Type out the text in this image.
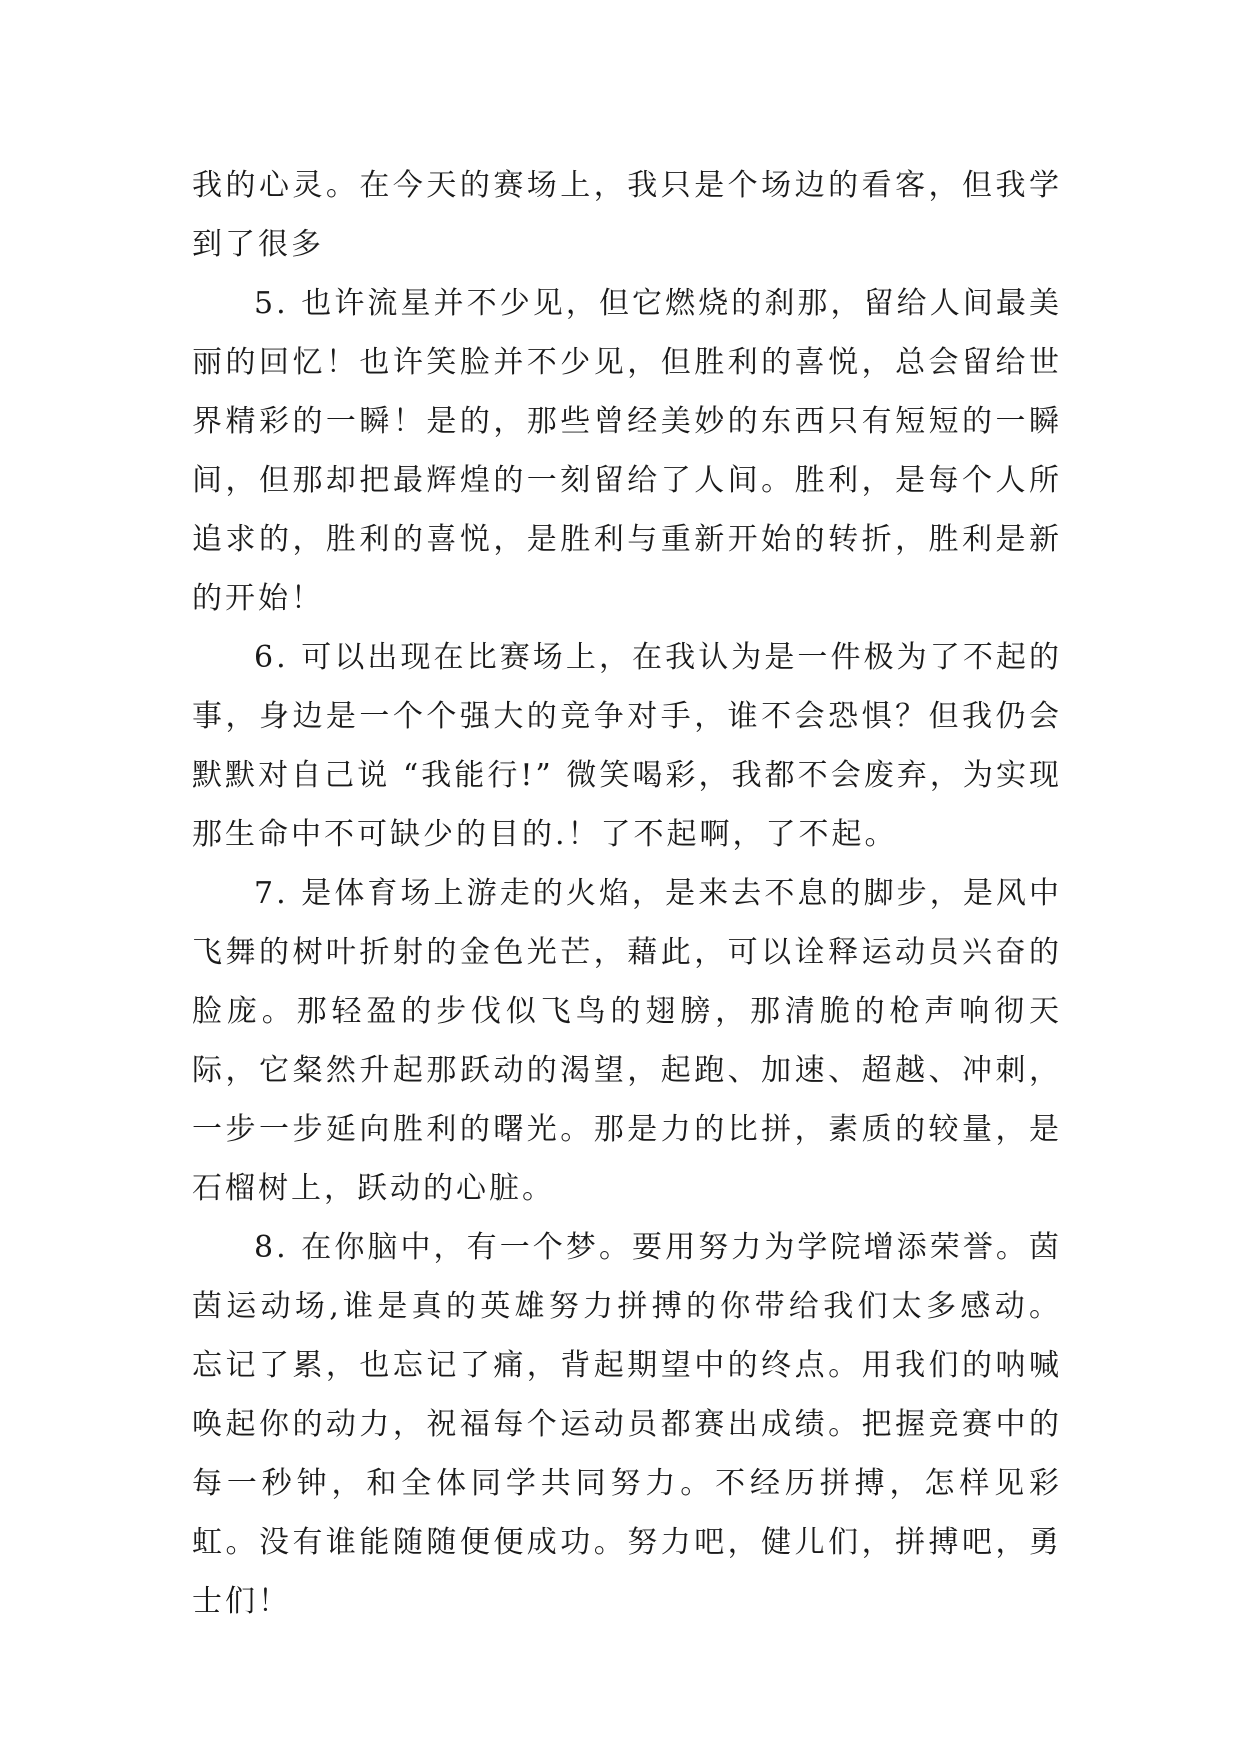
我的心灵。在今天的赛场上，我只是个场边的看客，但我学到了很多

5. 也许流星并不少见，但它燃烧的刹那，留给人间最美丽的回忆！也许笑脸并不少见，但胜利的喜悦，总会留给世界精彩的一瞬！是的，那些曾经美妙的东西只有短短的一瞬间，但那却把最辉煌的一刻留给了人间。胜利，是每个人所追求的，胜利的喜悦，是胜利与重新开始的转折，胜利是新的开始！

6. 可以出现在比赛场上，在我认为是一件极为了不起的事，身边是一个个强大的竞争对手，谁不会恐惧？但我仍会默默对自己说 “我能行!” 微笑喝彩，我都不会废弃，为实现那生命中不可缺少的目的.！了不起啊，了不起。

7. 是体育场上游走的火焰，是来去不息的脚步，是风中飞舞的树叶折射的金色光芒，藉此，可以诠释运动员兴奋的脸庞。那轻盈的步伐似飞鸟的翅膀，那清脆的枪声响彻天际，它粲然升起那跃动的渴望，起跑、加速、超越、冲刺，一步一步延向胜利的曙光。那是力的比拼，素质的较量，是石榴树上，跃动的心脏。

8. 在你脑中，有一个梦。要用努力为学院增添荣誉。茵茵运动场,谁是真的英雄努力拼搏的你带给我们太多感动。忘记了累，也忘记了痛，背起期望中的终点。用我们的呐喊唤起你的动力，祝福每个运动员都赛出成绩。把握竞赛中的每一秒钟，和全体同学共同努力。不经历拼搏，怎样见彩虹。没有谁能随随便便成功。努力吧，健儿们，拼搏吧，勇士们！
